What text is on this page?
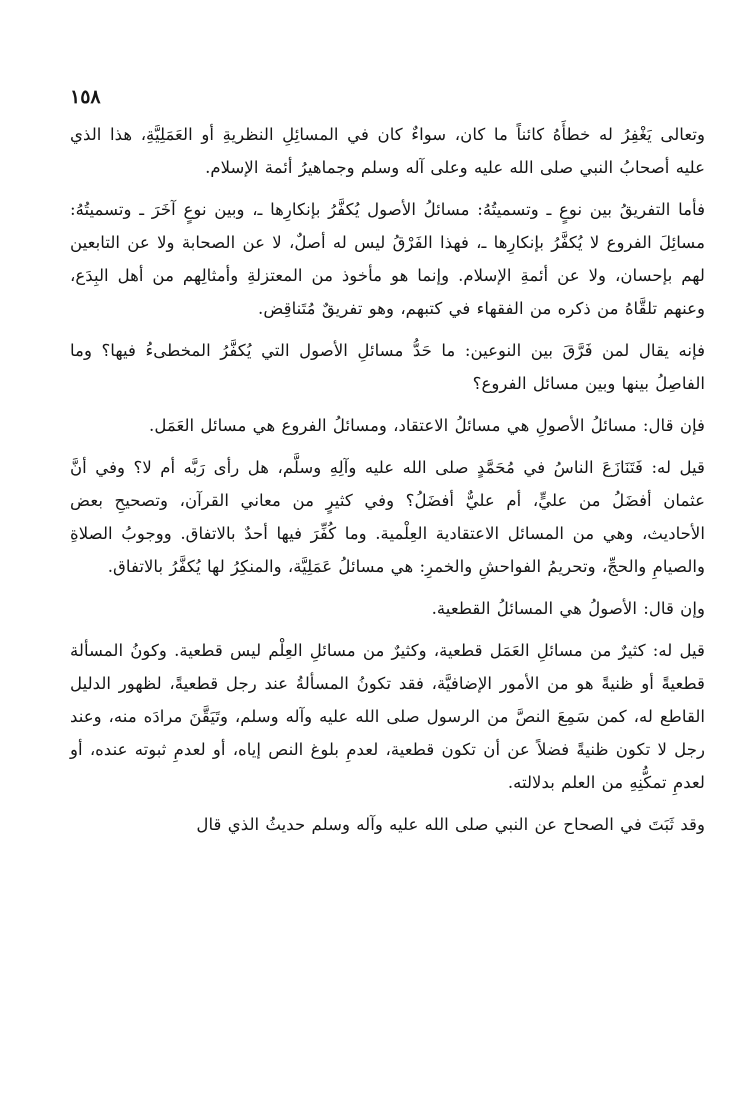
١٥٨

وتعالى يَغْفِرُ له خطأَهُ كائناً ما كان، سواءٌ كان في المسائِلِ النظريةِ أو العَمَلِيَّةِ، هذا الذي عليه أصحابُ النبي صلى الله عليه وعلى آله وسلم وجماهيرُ أئمة الإسلام.

فأما التفريقُ بين نوعٍ ـ وتسميتُهُ: مسائلُ الأصول يُكفَّرُ بإنكارِها ـ، وبين نوعٍ آخَرَ ـ وتسميتُهُ: مسائِلَ الفروع لا يُكفَّرُ بإنكارِها ـ، فهذا الفَرْقُ ليس له أصلٌ، لا عن الصحابة ولا عن التابعين لهم بإحسان، ولا عن أئمةِ الإسلام. وإنما هو مأخوذ من المعتزلةِ وأمثالِهم من أهل البِدَع، وعنهم تلقَّاهُ من ذكره من الفقهاء في كتبهم، وهو تفريقٌ مُتَناقِض.

فإنه يقال لمن فَرَّقَ بين النوعين: ما حَدُّ مسائلِ الأصول التي يُكفَّرُ المخطىءُ فيها؟ وما الفاصِلُ بينها وبين مسائل الفروع؟

فإن قال: مسائلُ الأصولِ هي مسائلُ الاعتقاد، ومسائلُ الفروع هي مسائل العَمَل.

قيل له: فَتَنَازَعَ الناسُ في مُحَمَّدٍ صلى الله عليه وآلِهِ وسلَّم، هل رأى رَبَّه أم لا؟ وفي أنَّ عثمان أفضَلُ من عليٍّ، أم عليٌّ أفضَلُ؟ وفي كثيرٍ من معاني القرآن، وتصحيحِ بعض الأحاديث، وهي من المسائل الاعتقادية العِلْمية. وما كُفِّرَ فيها أحدٌ بالاتفاق. ووجوبُ الصلاةِ والصيامِ والحجِّ، وتحريمُ الفواحشِ والخمرِ: هي مسائلُ عَمَلِيَّة، والمنكِرُ لها يُكفَّرُ بالاتفاق.

وإن قال: الأصولُ هي المسائلُ القطعية.

قيل له: كثيرٌ من مسائلِ العَمَل قطعية، وكثيرٌ من مسائلِ العِلْم ليس قطعية. وكونُ المسألة قطعيةً أو ظنيةً هو من الأمور الإضافيَّة، فقد تكونُ المسألةُ عند رجل قطعيةً، لظهور الدليل القاطع له، كمن سَمِعَ النصَّ من الرسول صلى الله عليه وآله وسلم، وتَيَقَّنَ مرادَه منه، وعند رجل لا تكون ظنيةً فضلاً عن أن تكون قطعية، لعدمِ بلوغ النص إياه، أو لعدمِ ثبوته عنده، أو لعدمِ تمكُّنِهِ من العلم بدلالته.

وقد ثَبَتَ في الصحاح عن النبي صلى الله عليه وآله وسلم حديثُ الذي قال
